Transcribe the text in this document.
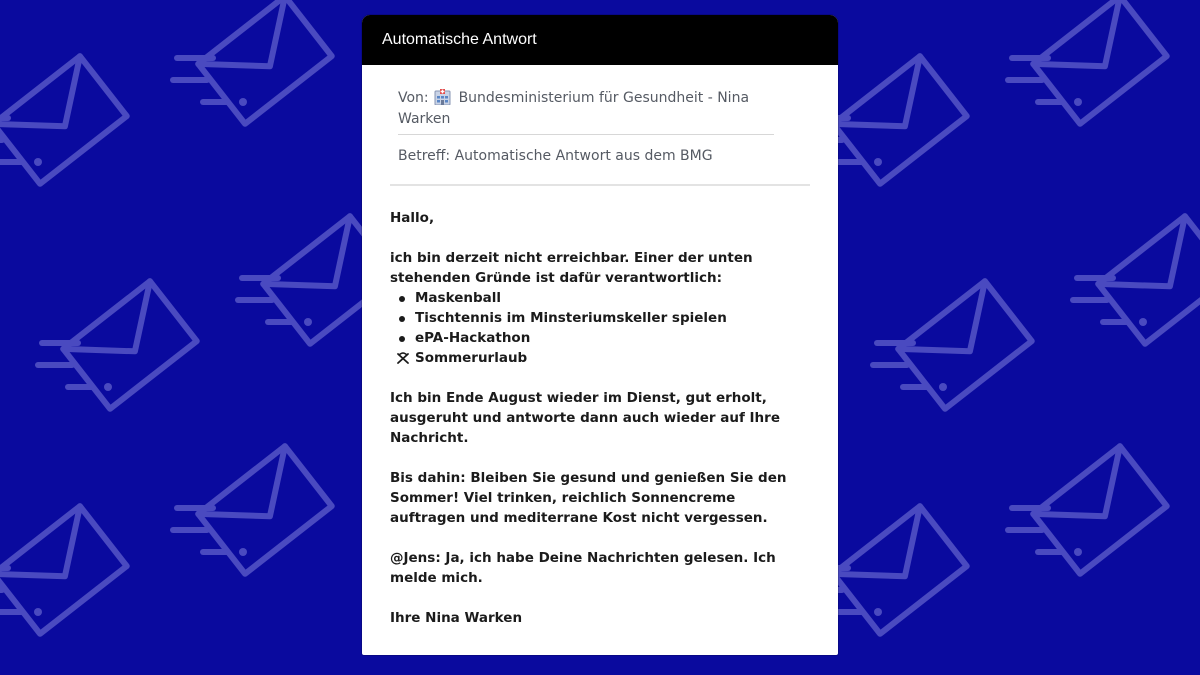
Automatische Antwort
Von: Bundesministerium für Gesundheit - Nina Warken
Betreff: Automatische Antwort aus dem BMG

Hallo,

ich bin derzeit nicht erreichbar. Einer der unten stehenden Gründe ist dafür verantwortlich:
Maskenball
Tischtennis im Minsteriumskeller spielen
ePA-Hackathon
Sommerurlaub

Ich bin Ende August wieder im Dienst, gut erholt, ausgeruht und antworte dann auch wieder auf Ihre Nachricht.

Bis dahin: Bleiben Sie gesund und genießen Sie den Sommer! Viel trinken, reichlich Sonnencreme auftragen und mediterrane Kost nicht vergessen.

@Jens: Ja, ich habe Deine Nachrichten gelesen. Ich melde mich.

Ihre Nina Warken
